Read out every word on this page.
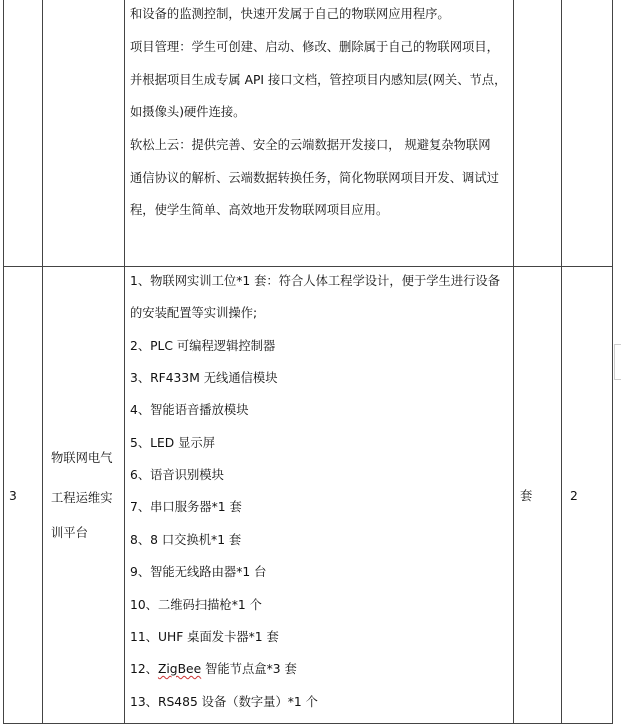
和设备的监测控制，快速开发属于自己的物联网应用程序。
项目管理：学生可创建、启动、修改、删除属于自己的物联网项目，
并根据项目生成专属 API 接口文档，管控项目内感知层(网关、节点，
如摄像头)硬件连接。
软松上云：提供完善、安全的云端数据开发接口， 规避复杂物联网
通信协议的解析、云端数据转换任务，简化物联网项目开发、调试过
程，使学生简单、高效地开发物联网项目应用。
3
物联网电气
工程运维实
训平台
1、物联网实训工位*1 套：符合人体工程学设计，便于学生进行设备
的安装配置等实训操作;
2、PLC 可编程逻辑控制器
3、RF433M 无线通信模块
4、智能语音播放模块
5、LED 显示屏
6、语音识别模块
7、串口服务器*1 套
8、8 口交换机*1 套
9、智能无线路由器*1 台
10、二维码扫描枪*1 个
11、UHF 桌面发卡器*1 套
12、ZigBee 智能节点盒*3 套
13、RS485 设备（数字量）*1 个
套	2
